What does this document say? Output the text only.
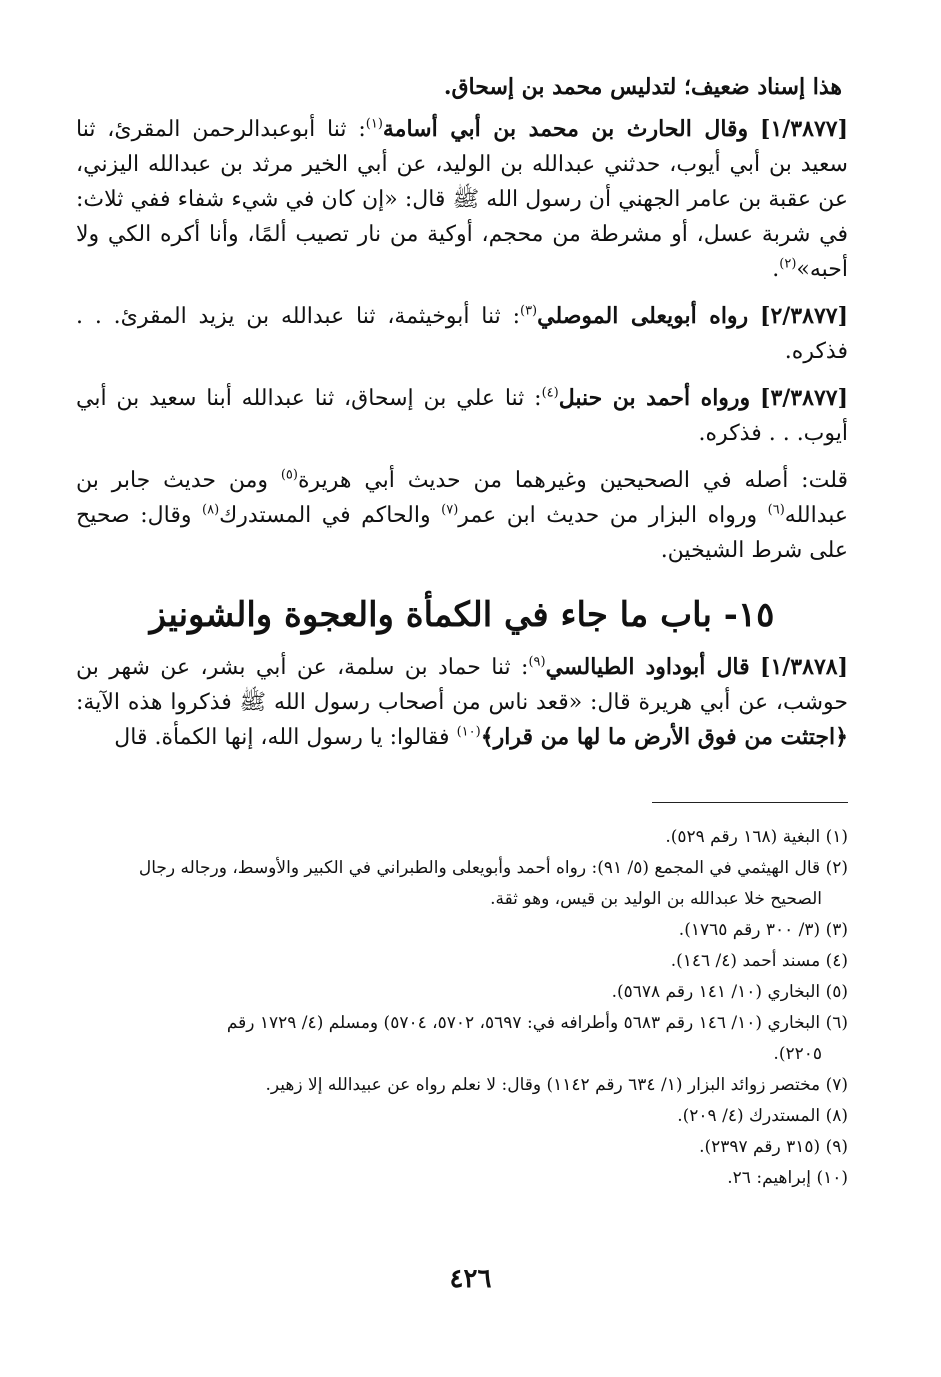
هذا إسناد ضعيف؛ لتدليس محمد بن إسحاق.
[١/٣٨٧٧] وقال الحارث بن محمد بن أبي أسامة$^{(١)}$: ثنا أبوعبدالرحمن المقرئ، ثنا سعيد بن أبي أيوب، حدثني عبدالله بن الوليد، عن أبي الخير مرثد بن عبدالله اليزني، عن عقبة بن عامر الجهني أن رسول الله ﷺ قال: «إن كان في شيء شفاء ففي ثلاث: في شربة عسل، أو مشرطة من محجم، أوكية من نار تصيب ألمًا، وأنا أكره الكي ولا أحبه»$^{(٢)}$.
[٢/٣٨٧٧] رواه أبويعلى الموصلي$^{(٣)}$: ثنا أبوخيثمة، ثنا عبدالله بن يزيد المقرئ. . . فذكره.
[٣/٣٨٧٧] ورواه أحمد بن حنبل$^{(٤)}$: ثنا علي بن إسحاق، ثنا عبدالله أبنا سعيد بن أبي أيوب. . . فذكره.
قلت: أصله في الصحيحين وغيرهما من حديث أبي هريرة$^{(٥)}$ ومن حديث جابر بن عبدالله$^{(٦)}$ ورواه البزار من حديث ابن عمر$^{(٧)}$ والحاكم في المستدرك$^{(٨)}$ وقال: صحيح على شرط الشيخين.
١٥- باب ما جاء في الكمأة والعجوة والشونيز
[١/٣٨٧٨] قال أبوداود الطيالسي$^{(٩)}$: ثنا حماد بن سلمة، عن أبي بشر، عن شهر بن حوشب، عن أبي هريرة قال: «قعد ناس من أصحاب رسول الله ﷺ فذكروا هذه الآية: ﴿اجتثت من فوق الأرض ما لها من قرار﴾$^{(١٠)}$ فقالوا: يا رسول الله، إنها الكمأة. قال
(١) البغية (١٦٨ رقم ٥٢٩).
(٢) قال الهيثمي في المجمع (٥/ ٩١): رواه أحمد وأبويعلى والطبراني في الكبير والأوسط، ورجاله رجال
الصحيح خلا عبدالله بن الوليد بن قيس، وهو ثقة.
(٣) (٣/ ٣٠٠ رقم ١٧٦٥).
(٤) مسند أحمد (٤/ ١٤٦).
(٥) البخاري (١٠/ ١٤١ رقم ٥٦٧٨).
(٦) البخاري (١٠/ ١٤٦ رقم ٥٦٨٣ وأطرافه في: ٥٦٩٧، ٥٧٠٢، ٥٧٠٤) ومسلم (٤/ ١٧٢٩ رقم
٢٢٠٥).
(٧) مختصر زوائد البزار (١/ ٦٣٤ رقم ١١٤٢) وقال: لا نعلم رواه عن عبيدالله إلا زهير.
(٨) المستدرك (٤/ ٢٠٩).
(٩) (٣١٥ رقم ٢٣٩٧).
(١٠) إبراهيم: ٢٦.
٤٢٦
